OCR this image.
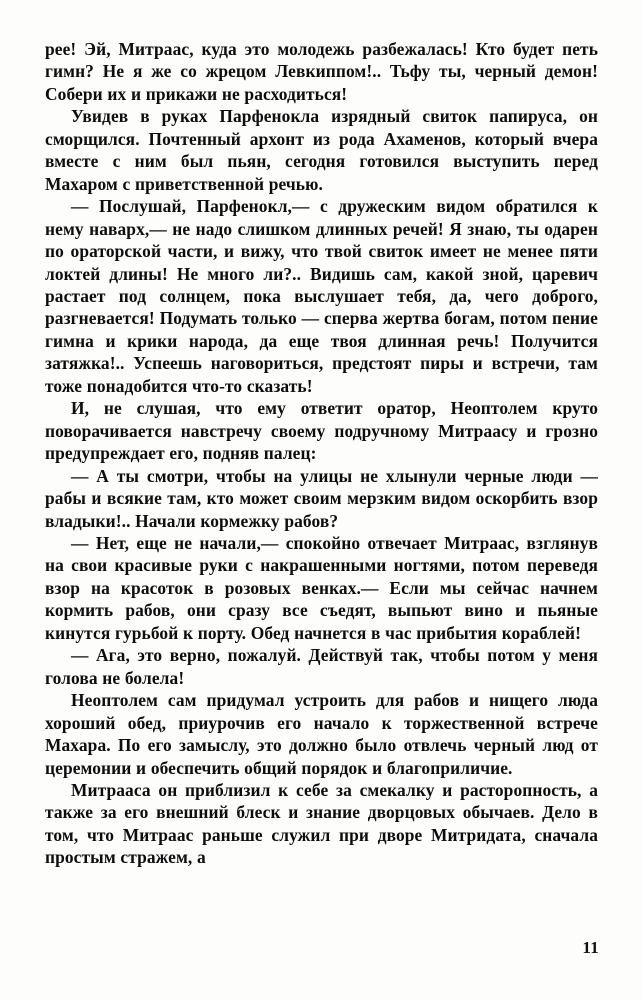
рее! Эй, Митраас, куда это молодежь разбежалась! Кто будет петь гимн? Не я же со жрецом Левкиппом!.. Тьфу ты, черный демон! Собери их и прикажи не расходиться!

Увидев в руках Парфенокла изрядный свиток папируса, он сморщился. Почтенный архонт из рода Ахаменов, который вчера вместе с ним был пьян, сегодня готовился выступить перед Махаром с приветственной речью.

— Послушай, Парфенокл,— с дружеским видом обратился к нему наварх,— не надо слишком длинных речей! Я знаю, ты одарен по ораторской части, и вижу, что твой свиток имеет не менее пяти локтей длины! Не много ли?.. Видишь сам, какой зной, царевич растает под солнцем, пока выслушает тебя, да, чего доброго, разгневается! Подумать только — сперва жертва богам, потом пение гимна и крики народа, да еще твоя длинная речь! Получится затяжка!.. Успеешь наговориться, предстоят пиры и встречи, там тоже понадобится что-то сказать!

И, не слушая, что ему ответит оратор, Неоптолем круто поворачивается навстречу своему подручному Митраасу и грозно предупреждает его, подняв палец:

— А ты смотри, чтобы на улицы не хлынули черные люди — рабы и всякие там, кто может своим мерзким видом оскорбить взор владыки!.. Начали кормежку рабов?

— Нет, еще не начали,— спокойно отвечает Митраас, взглянув на свои красивые руки с накрашенными ногтями, потом переведя взор на красоток в розовых венках.— Если мы сейчас начнем кормить рабов, они сразу все съедят, выпьют вино и пьяные кинутся гурьбой к порту. Обед начнется в час прибытия кораблей!

— Ага, это верно, пожалуй. Действуй так, чтобы потом у меня голова не болела!

Неоптолем сам придумал устроить для рабов и нищего люда хороший обед, приурочив его начало к торжественной встрече Махара. По его замыслу, это должно было отвлечь черный люд от церемонии и обеспечить общий порядок и благоприличие.

Митрааса он приблизил к себе за смекалку и расторопность, а также за его внешний блеск и знание дворцовых обычаев. Дело в том, что Митраас раньше служил при дворе Митридата, сначала простым стражем, а

11
